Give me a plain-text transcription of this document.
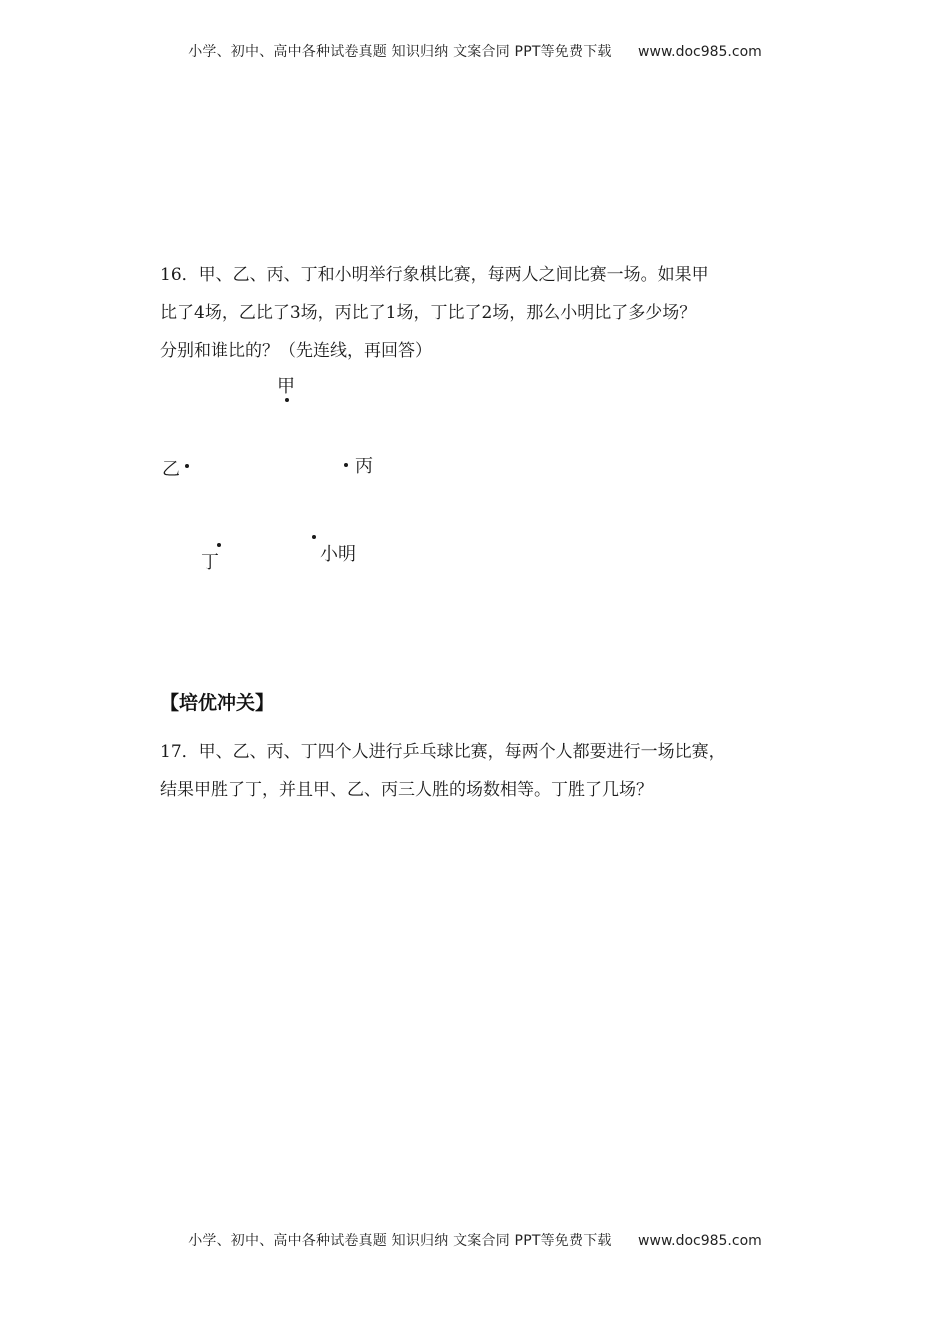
小学、初中、高中各种试卷真题 知识归纳 文案合同 PPT等免费下载 www.doc985.com

16．甲、乙、丙、丁和小明举行象棋比赛，每两人之间比赛一场。如果甲

比了4场，乙比了3场，丙比了1场，丁比了2场，那么小明比了多少场？

分别和谁比的？（先连线，再回答）

甲
乙	丙
丁	小明
【培优冲关】

17．甲、乙、丙、丁四个人进行乒乓球比赛，每两个人都要进行一场比赛，

结果甲胜了丁，并且甲、乙、丙三人胜的场数相等。丁胜了几场？

小学、初中、高中各种试卷真题 知识归纳 文案合同 PPT等免费下载 www.doc985.com
